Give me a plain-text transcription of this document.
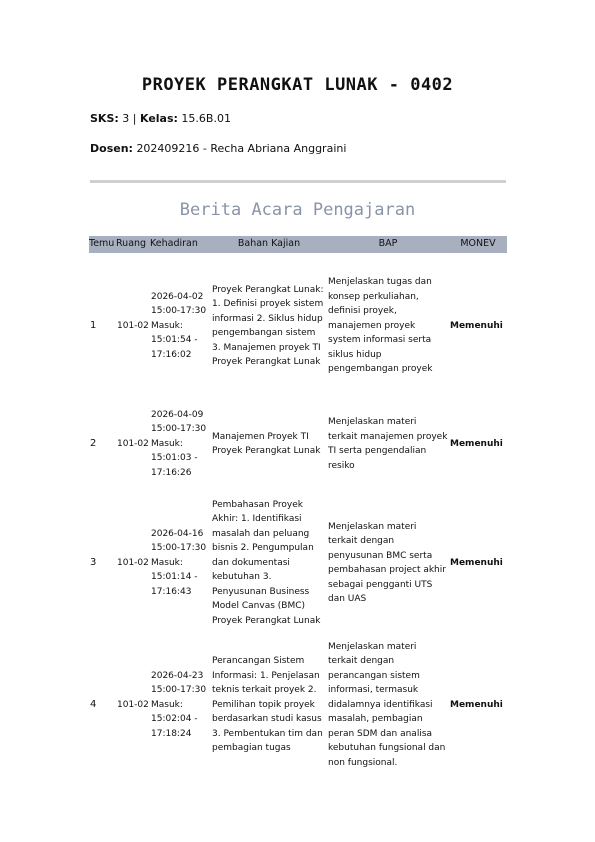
PROYEK PERANGKAT LUNAK - 0402
SKS: 3 | Kelas: 15.6B.01
Dosen: 202409216 - Recha Abriana Anggraini
Berita Acara Pengajaran
Temu	Ruang	Kehadiran	Bahan Kajian	BAP	MONEV
1	101-02	2026-04-02 15:00-17:30 Masuk: 15:01:54 - 17:16:02	Proyek Perangkat Lunak: 1. Definisi proyek sistem informasi 2. Siklus hidup pengembangan sistem 3. Manajemen proyek TI Proyek Perangkat Lunak	Menjelaskan tugas dan konsep perkuliahan, definisi proyek, manajemen proyek system informasi serta siklus hidup pengembangan proyek	Memenuhi
2	101-02	2026-04-09 15:00-17:30 Masuk: 15:01:03 - 17:16:26	Manajemen Proyek TI Proyek Perangkat Lunak	Menjelaskan materi terkait manajemen proyek TI serta pengendalian resiko	Memenuhi
3	101-02	2026-04-16 15:00-17:30 Masuk: 15:01:14 - 17:16:43	Pembahasan Proyek Akhir: 1. Identifikasi masalah dan peluang bisnis 2. Pengumpulan dan dokumentasi kebutuhan 3. Penyusunan Business Model Canvas (BMC) Proyek Perangkat Lunak	Menjelaskan materi terkait dengan penyusunan BMC serta pembahasan project akhir sebagai pengganti UTS dan UAS	Memenuhi
4	101-02	2026-04-23 15:00-17:30 Masuk: 15:02:04 - 17:18:24	Perancangan Sistem Informasi: 1. Penjelasan teknis terkait proyek 2. Pemilihan topik proyek berdasarkan studi kasus 3. Pembentukan tim dan pembagian tugas	Menjelaskan materi terkait dengan perancangan sistem informasi, termasuk didalamnya identifikasi masalah, pembagian peran SDM dan analisa kebutuhan fungsional dan non fungsional.	Memenuhi
